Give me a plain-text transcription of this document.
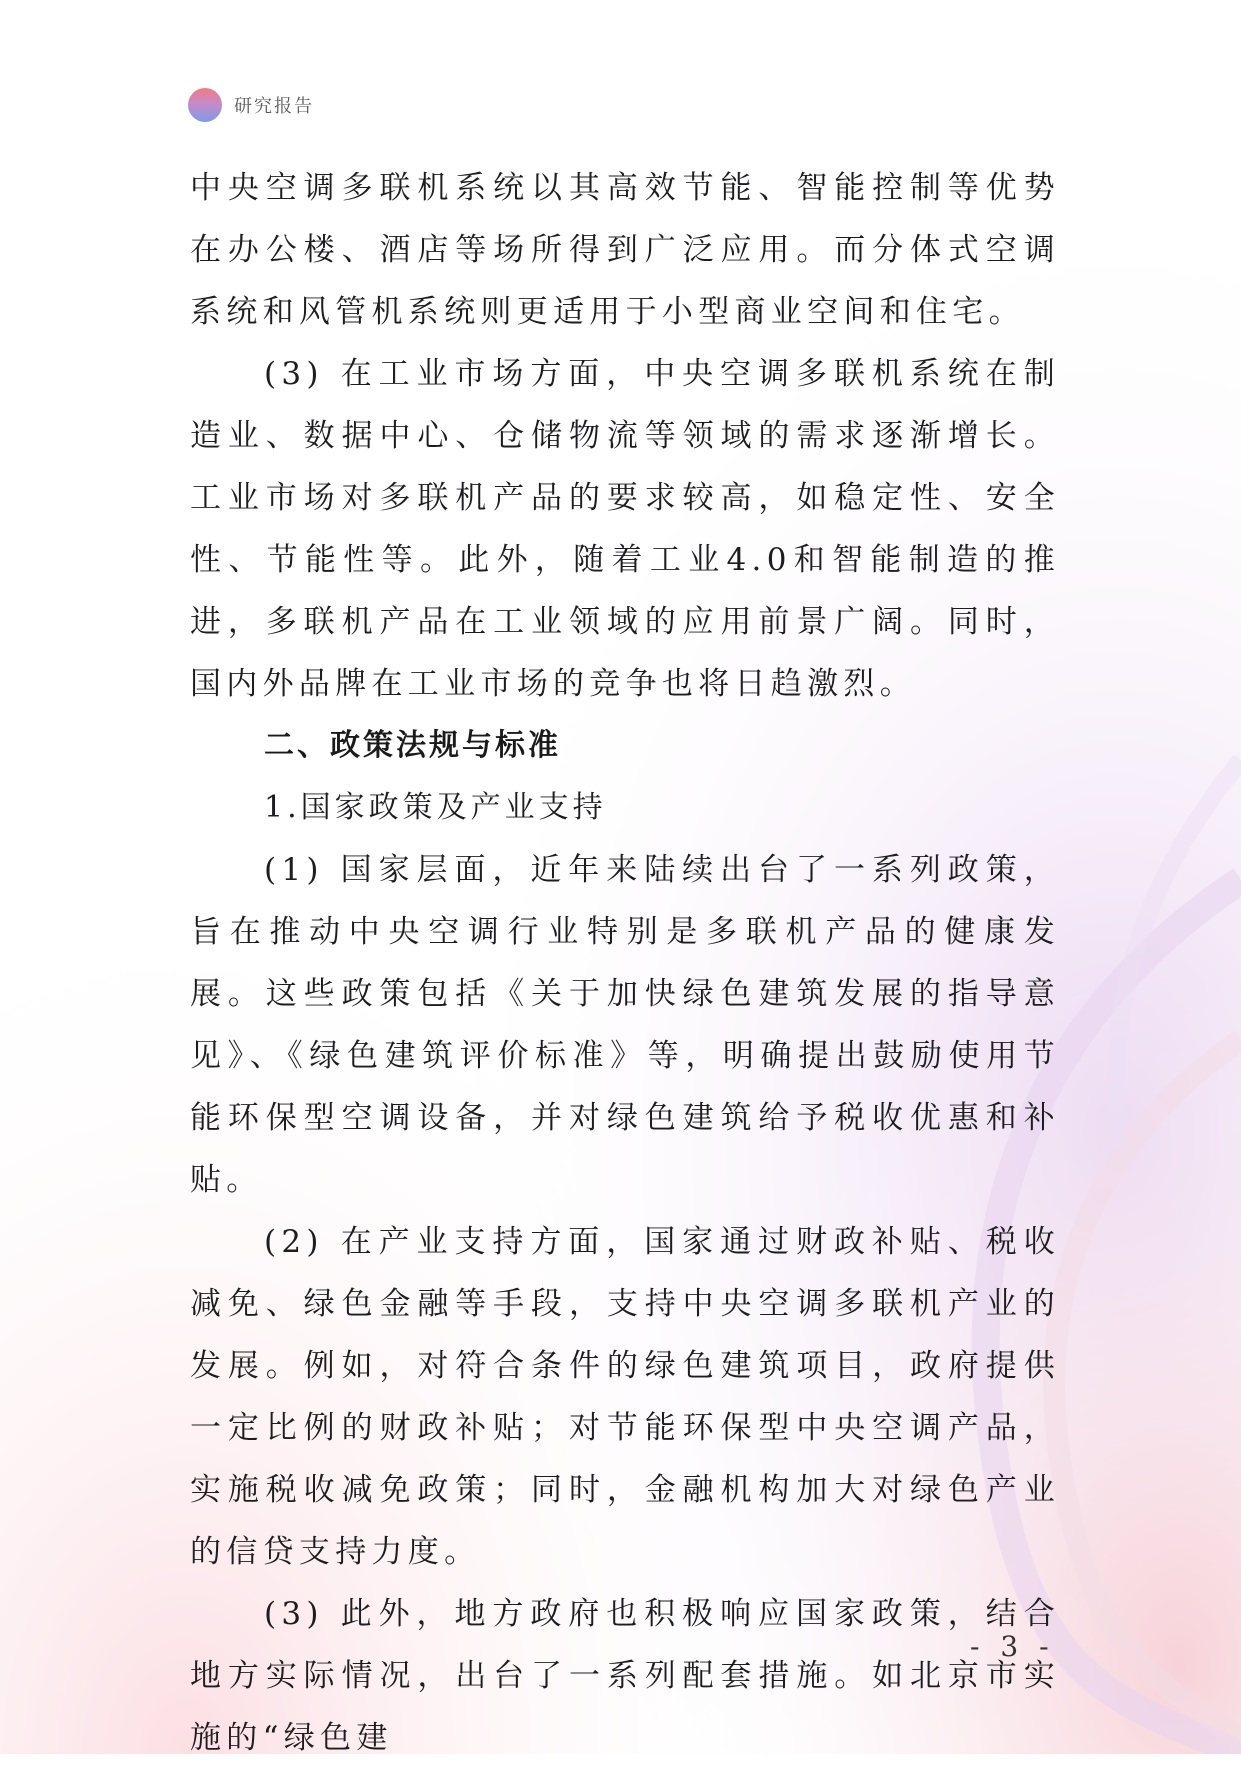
研究报告

中央空调多联机系统以其高效节能、智能控制等优势在办公楼、酒店等场所得到广泛应用。而分体式空调系统和风管机系统则更适用于小型商业空间和住宅。

(3) 在工业市场方面，中央空调多联机系统在制造业、数据中心、仓储物流等领域的需求逐渐增长。工业市场对多联机产品的要求较高，如稳定性、安全性、节能性等。此外，随着工业4.0和智能制造的推进，多联机产品在工业领域的应用前景广阔。同时，国内外品牌在工业市场的竞争也将日趋激烈。

二、政策法规与标准

1.国家政策及产业支持

(1) 国家层面，近年来陆续出台了一系列政策，旨在推动中央空调行业特别是多联机产品的健康发展。这些政策包括《关于加快绿色建筑发展的指导意见》、《绿色建筑评价标准》等，明确提出鼓励使用节能环保型空调设备，并对绿色建筑给予税收优惠和补贴。

(2) 在产业支持方面，国家通过财政补贴、税收减免、绿色金融等手段，支持中央空调多联机产业的发展。例如，对符合条件的绿色建筑项目，政府提供一定比例的财政补贴；对节能环保型中央空调产品，实施税收减免政策；同时，金融机构加大对绿色产业的信贷支持力度。

(3) 此外，地方政府也积极响应国家政策，结合地方实际情况，出台了一系列配套措施。如北京市实施的“绿色建

- 3 -
